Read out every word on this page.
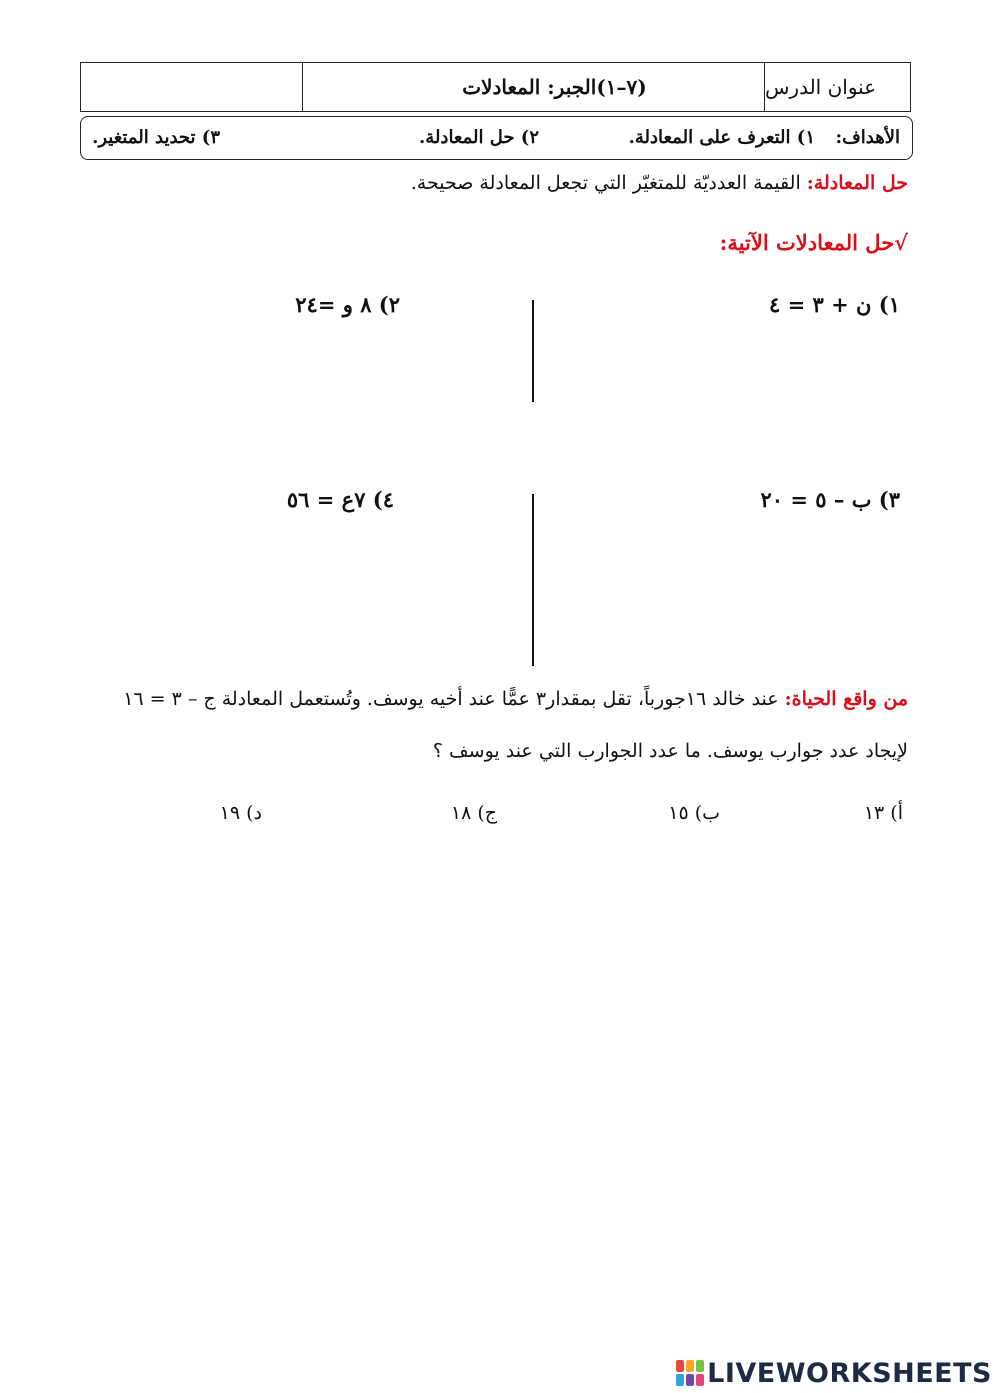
عنوان الدرس
الجبر: المعادلات (٧–١)
الأهداف:
١) التعرف على المعادلة.
٢) حل المعادلة.
٣) تحديد المتغير.
حل المعادلة: القيمة العدديّة للمتغيّر التي تجعل المعادلة صحيحة.
√حل المعادلات الآتية:
١) ن + ٣ = ٤
٢) ٨ و =٢٤
٣) ب – ٥ = ٢٠
٤) ٧ع = ٥٦
من واقع الحياة: عند خالد ١٦جورباً، تقل بمقدار٣ عمًّا عند أخيه يوسف. وتُستعمل المعادلة ج – ٣ = ١٦
لإيجاد عدد جوارب يوسف. ما عدد الجوارب التي عند يوسف ؟
أ) ١٣
ب) ١٥
ج) ١٨
د) ١٩
LIVEWORKSHEETS
